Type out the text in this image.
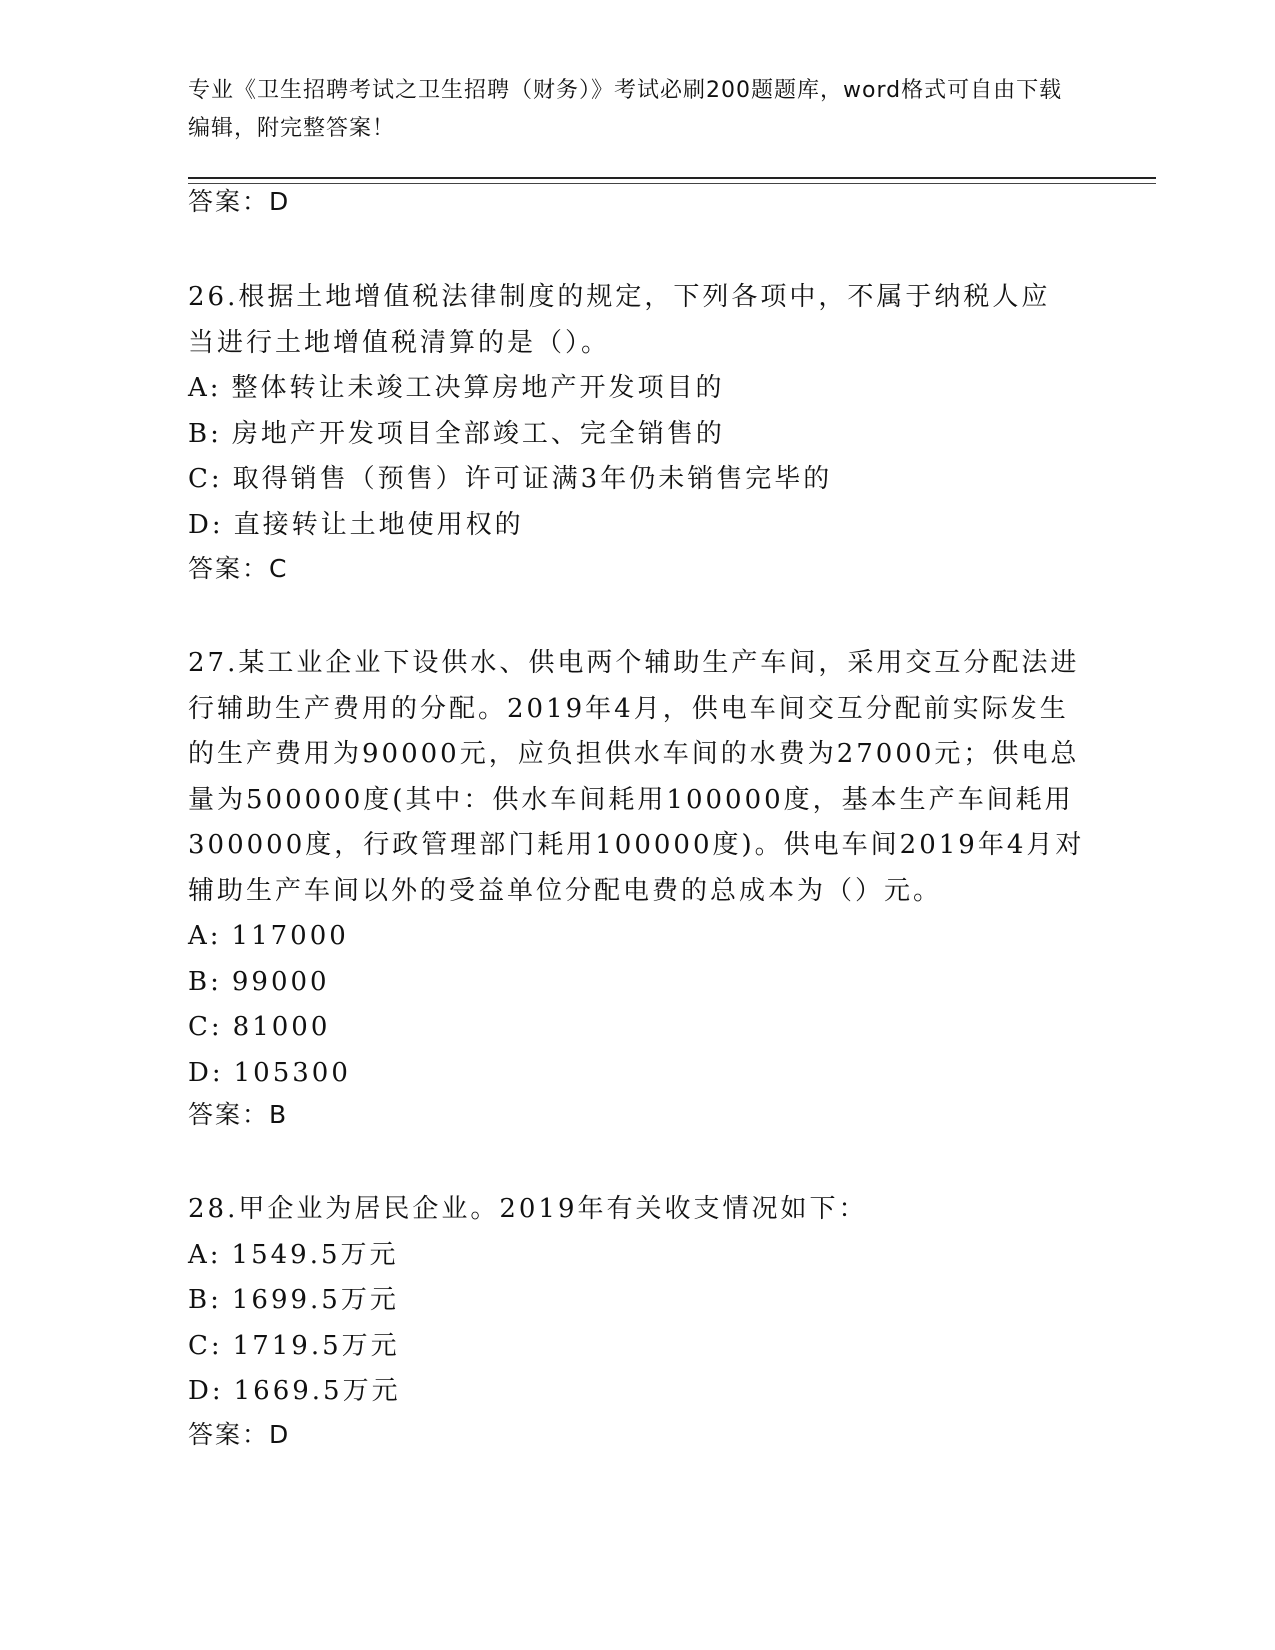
专业《卫生招聘考试之卫生招聘（财务）》考试必刷200题题库，word格式可自由下载编辑，附完整答案！
答案：D
26.根据土地增值税法律制度的规定，下列各项中，不属于纳税人应当进行土地增值税清算的是（）。
A: 整体转让未竣工决算房地产开发项目的
B: 房地产开发项目全部竣工、完全销售的
C: 取得销售（预售）许可证满3年仍未销售完毕的
D: 直接转让土地使用权的
答案：C
27.某工业企业下设供水、供电两个辅助生产车间，采用交互分配法进行辅助生产费用的分配。2019年4月，供电车间交互分配前实际发生的生产费用为90000元，应负担供水车间的水费为27000元；供电总量为500000度(其中：供水车间耗用100000度，基本生产车间耗用300000度，行政管理部门耗用100000度)。供电车间2019年4月对辅助生产车间以外的受益单位分配电费的总成本为（）元。
A: 117000
B: 99000
C: 81000
D: 105300
答案：B
28.甲企业为居民企业。2019年有关收支情况如下：
A: 1549.5万元
B: 1699.5万元
C: 1719.5万元
D: 1669.5万元
答案：D
